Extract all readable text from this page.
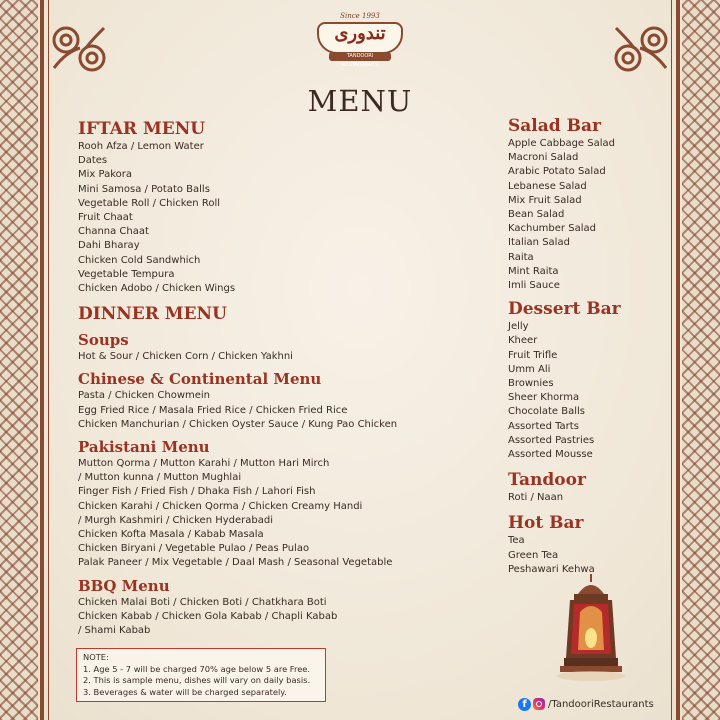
Since 1993
تندوری
TANDOORI RESTAURANTS
MENU
IFTAR MENU
Rooh Afza / Lemon Water
Dates
Mix Pakora
Mini Samosa / Potato Balls
Vegetable Roll / Chicken Roll
Fruit Chaat
Channa Chaat
Dahi Bharay
Chicken Cold Sandwhich
Vegetable Tempura
Chicken Adobo / Chicken Wings
DINNER MENU
Soups
Hot & Sour / Chicken Corn / Chicken Yakhni
Chinese & Continental Menu
Pasta / Chicken Chowmein
Egg Fried Rice / Masala Fried Rice / Chicken Fried Rice
Chicken Manchurian / Chicken Oyster Sauce / Kung Pao Chicken
Pakistani Menu
Mutton Qorma / Mutton Karahi / Mutton Hari Mirch
/ Mutton kunna / Mutton Mughlai
Finger Fish / Fried Fish / Dhaka Fish / Lahori Fish
Chicken Karahi / Chicken Qorma / Chicken Creamy Handi
/ Murgh Kashmiri / Chicken Hyderabadi
Chicken Kofta Masala / Kabab Masala
Chicken Biryani / Vegetable Pulao / Peas Pulao
Palak Paneer / Mix Vegetable / Daal Mash / Seasonal Vegetable
BBQ Menu
Chicken Malai Boti / Chicken Boti / Chatkhara Boti
Chicken Kabab / Chicken Gola Kabab / Chapli Kabab
/ Shami Kabab
Salad Bar
Apple Cabbage Salad
Macroni Salad
Arabic Potato Salad
Lebanese Salad
Mix Fruit Salad
Bean Salad
Kachumber Salad
Italian Salad
Raita
Mint Raita
Imli Sauce
Dessert Bar
Jelly
Kheer
Fruit Trifle
Umm Ali
Brownies
Sheer Khorma
Chocolate Balls
Assorted Tarts
Assorted Pastries
Assorted Mousse
Tandoor
Roti / Naan
Hot Bar
Tea
Green Tea
Peshawari Kehwa
NOTE:
1. Age 5 - 7 will be charged 70% age below 5 are Free.
2. This is sample menu, dishes will vary on daily basis.
3. Beverages & water will be charged separately.
f	/TandooriRestaurants
